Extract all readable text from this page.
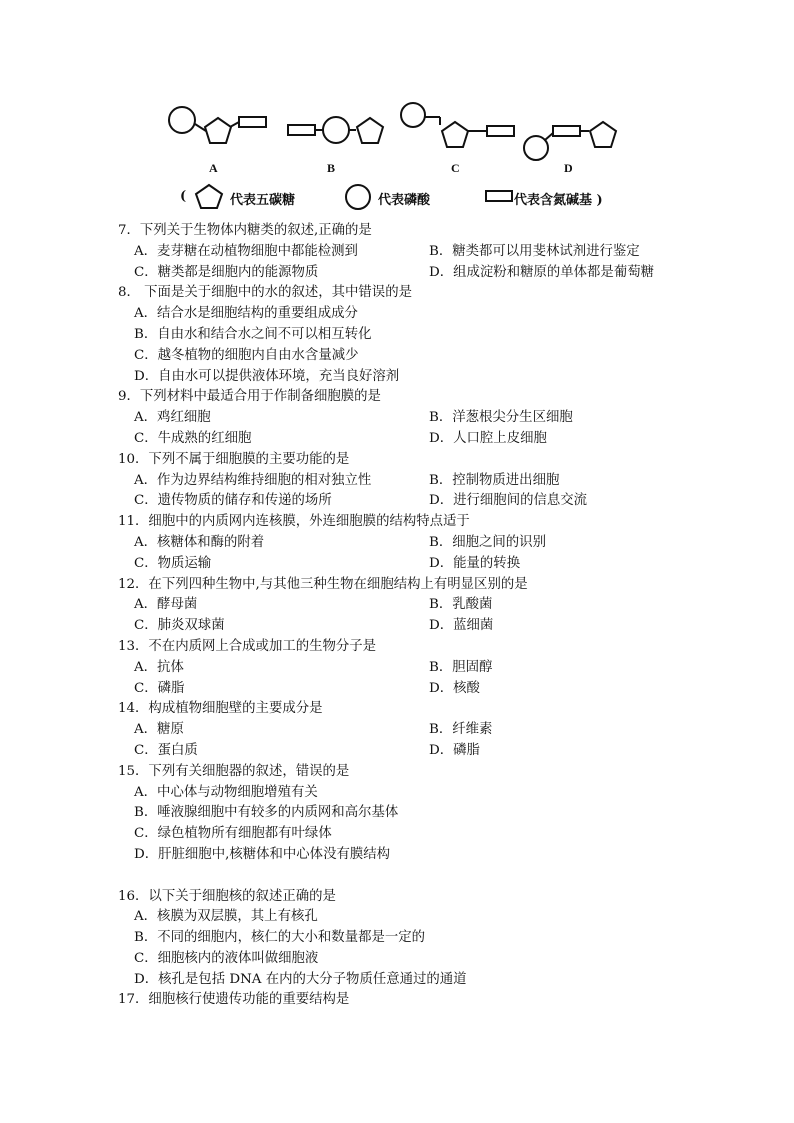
A	B	C	D
(	代表五碳糖	代表磷酸	代表含氮碱基 )
7．下列关于生物体内糖类的叙述,正确的是
A．麦芽糖在动植物细胞中都能检测到	B．糖类都可以用斐林试剂进行鉴定
C．糖类都是细胞内的能源物质	D．组成淀粉和糖原的单体都是葡萄糖
8． 下面是关于细胞中的水的叙述，其中错误的是
A．结合水是细胞结构的重要组成成分
B．自由水和结合水之间不可以相互转化
C．越冬植物的细胞内自由水含量减少
D．自由水可以提供液体环境，充当良好溶剂
9．下列材料中最适合用于作制备细胞膜的是
A．鸡红细胞	B．洋葱根尖分生区细胞
C．牛成熟的红细胞	D．人口腔上皮细胞
10．下列不属于细胞膜的主要功能的是
A．作为边界结构维持细胞的相对独立性	B．控制物质进出细胞
C．遗传物质的储存和传递的场所	D．进行细胞间的信息交流
11．细胞中的内质网内连核膜，外连细胞膜的结构特点适于
A．核糖体和酶的附着	B．细胞之间的识别
C．物质运输	D．能量的转换
12．在下列四种生物中,与其他三种生物在细胞结构上有明显区别的是
A．酵母菌	B．乳酸菌
C．肺炎双球菌	D．蓝细菌
13．不在内质网上合成或加工的生物分子是
A．抗体	B．胆固醇
C．磷脂	D．核酸
14．构成植物细胞壁的主要成分是
A．糖原	B．纤维素
C．蛋白质	D．磷脂
15．下列有关细胞器的叙述，错误的是
A．中心体与动物细胞增殖有关
B．唾液腺细胞中有较多的内质网和高尔基体
C．绿色植物所有细胞都有叶绿体
D．肝脏细胞中,核糖体和中心体没有膜结构
16．以下关于细胞核的叙述正确的是
A．核膜为双层膜，其上有核孔
B．不同的细胞内，核仁的大小和数量都是一定的
C．细胞核内的液体叫做细胞液
D．核孔是包括 DNA 在内的大分子物质任意通过的通道
17．细胞核行使遗传功能的重要结构是
